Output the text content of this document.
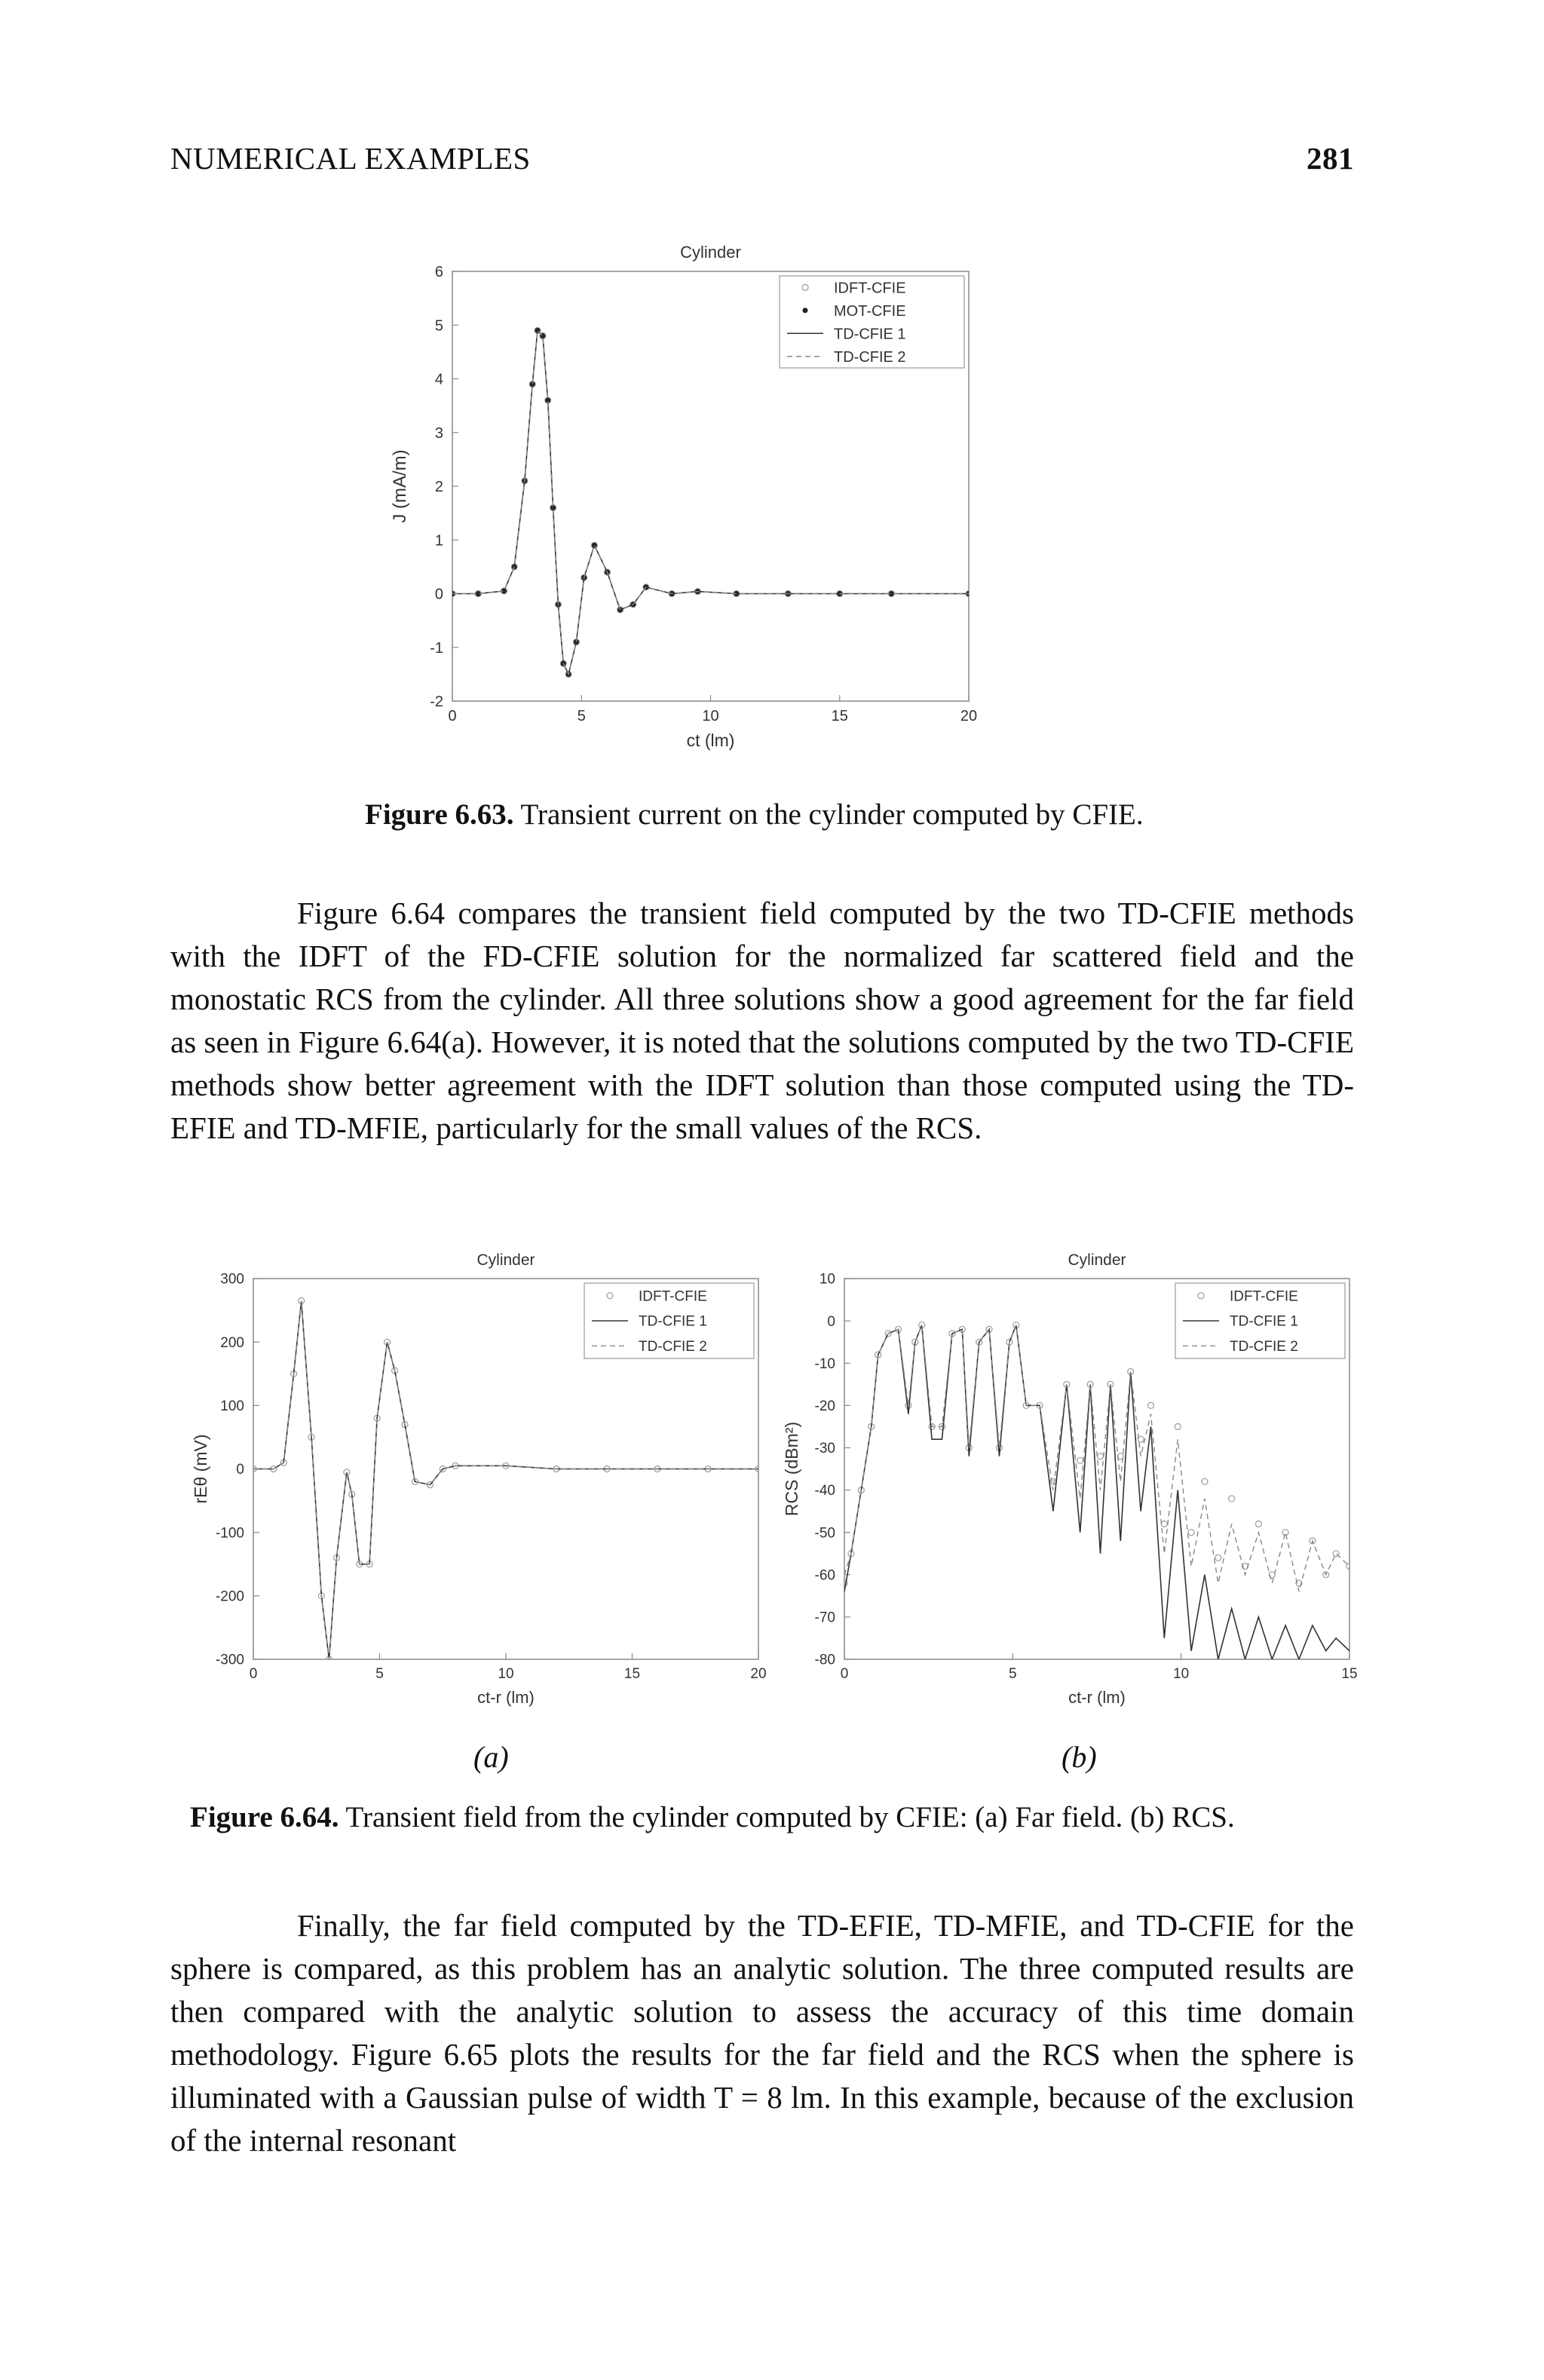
NUMERICAL EXAMPLES	281
0	5	10	15	20
-2
-1
0
1
2
3
4
5
6
Cylinder
ct (lm)
J (mA/m)
IDFT-CFIE
MOT-CFIE
TD-CFIE 1
TD-CFIE 2
Figure 6.63. Transient current on the cylinder computed by CFIE.

Figure 6.64 compares the transient field computed by the two TD-CFIE methods with the IDFT of the FD-CFIE solution for the normalized far scattered field and the monostatic RCS from the cylinder. All three solutions show a good agreement for the far field as seen in Figure 6.64(a). However, it is noted that the solutions computed by the two TD-CFIE methods show better agreement with the IDFT solution than those computed using the TD-EFIE and TD-MFIE, particularly for the small values of the RCS.

0	5	10	15	20
-300
-200
-100
0
100
200
300
Cylinder
ct-r (lm)
rEθ (mV)
IDFT-CFIE
TD-CFIE 1
TD-CFIE 2
0	5	10	15
-80
-70
-60
-50
-40
-30
-20
-10
0
10
Cylinder
ct-r (lm)
RCS (dBm²)
IDFT-CFIE
TD-CFIE 1
TD-CFIE 2
(a)	(b)
Figure 6.64. Transient field from the cylinder computed by CFIE: (a) Far field. (b) RCS.

Finally, the far field computed by the TD-EFIE, TD-MFIE, and TD-CFIE for the sphere is compared, as this problem has an analytic solution. The three computed results are then compared with the analytic solution to assess the accuracy of this time domain methodology. Figure 6.65 plots the results for the far field and the RCS when the sphere is illuminated with a Gaussian pulse of width T = 8 lm. In this example, because of the exclusion of the internal resonant
